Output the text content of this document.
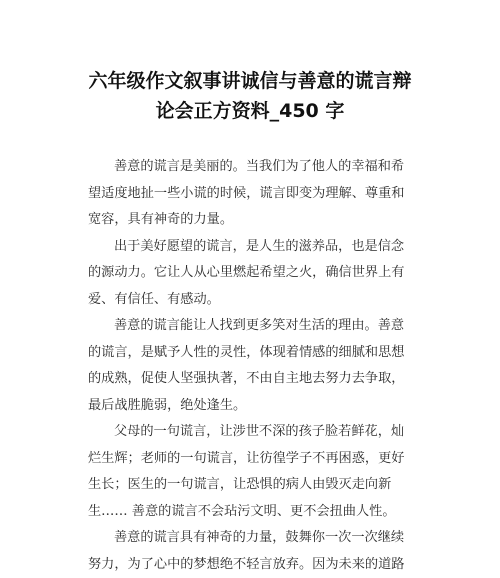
六年级作文叙事讲诚信与善意的谎言辩
论会正方资料_450 字
善意的谎言是美丽的。当我们为了他人的幸福和希
望适度地扯一些小谎的时候，谎言即变为理解、尊重和
宽容，具有神奇的力量。
出于美好愿望的谎言，是人生的滋养品，也是信念
的源动力。它让人从心里燃起希望之火，确信世界上有
爱、有信任、有感动。
善意的谎言能让人找到更多笑对生活的理由。善意
的谎言，是赋予人性的灵性，体现着情感的细腻和思想
的成熟，促使人坚强执著，不由自主地去努力去争取，
最后战胜脆弱，绝处逢生。
父母的一句谎言，让涉世不深的孩子脸若鲜花，灿
烂生辉；老师的一句谎言，让彷徨学子不再困惑，更好
生长；医生的一句谎言，让恐惧的病人由毁灭走向新
生…… 善意的谎言不会玷污文明、更不会扭曲人性。
善意的谎言具有神奇的力量，鼓舞你一次一次继续
努力，为了心中的梦想绝不轻言放弃。因为未来的道路
